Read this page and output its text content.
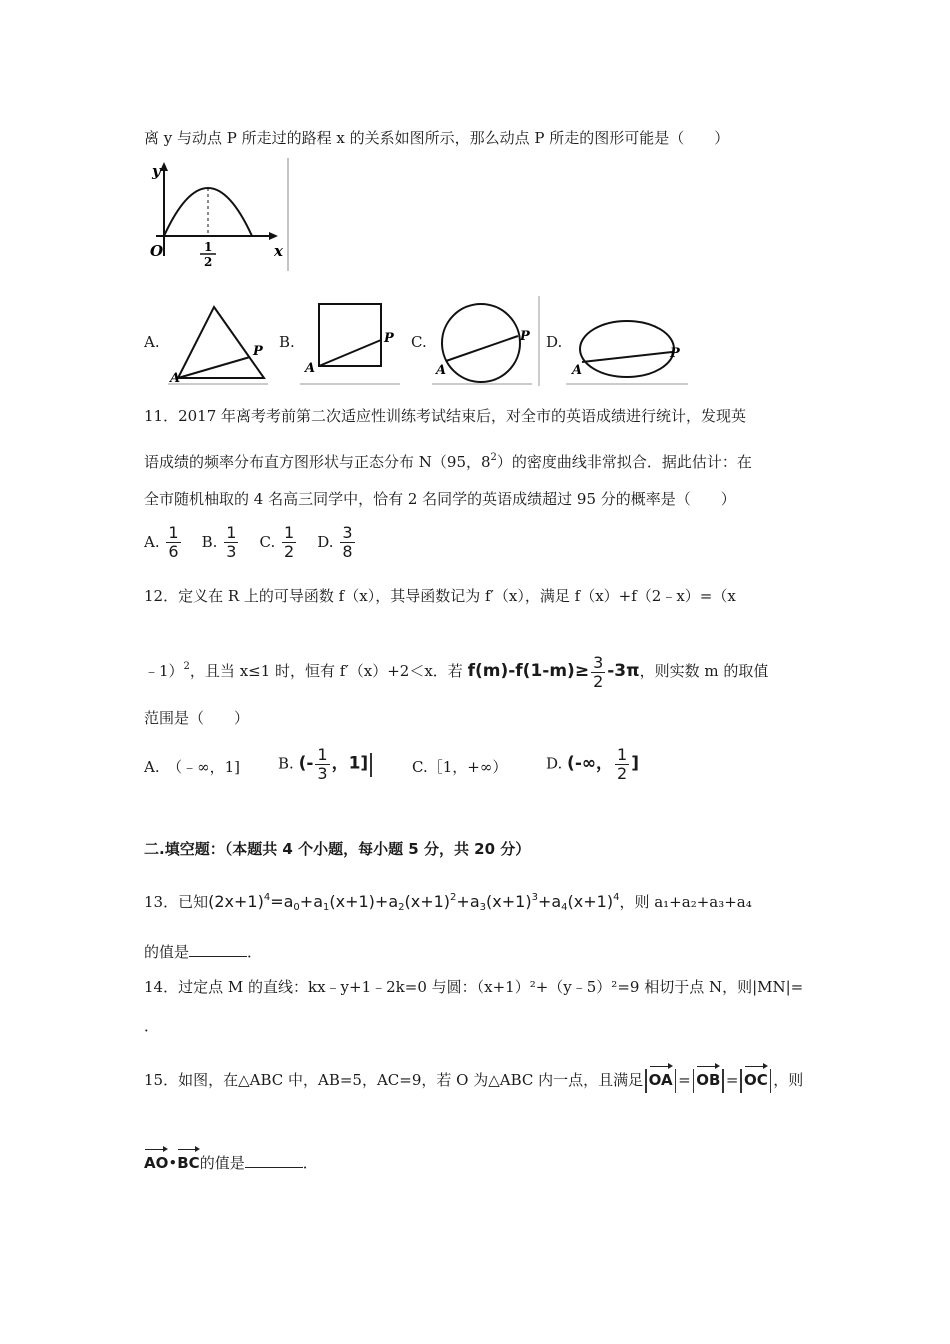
离 y 与动点 P 所走过的路程 x 的关系如图所示，那么动点 P 所走的图形可能是（　　）
y
x
O	1
2
A.
A
P
B.
A
P C.
A
P D.
A
P
11．2017 年离考考前第二次适应性训练考试结束后，对全市的英语成绩进行统计，发现英
语成绩的频率分布直方图形状与正态分布 N（95，$8^2$）的密度曲线非常拟合．据此估计：在
全市随机柚取的 4 名高三同学中，恰有 2 名同学的英语成绩超过 95 分的概率是（　　）
A. $\frac{1}{6} B$. $\frac{1}{3} C$. $\frac{1}{2} D$. $\frac{3}{8}$
12．定义在 R 上的可导函数 f（x），其导函数记为 f′（x），满足 f（x）+f（2﹣x）=（x
﹣1）$^2$，且当 x≤1 时，恒有 f′（x）+2＜x．若 $f(m)-f(1-m)\ge \frac{3}{2} -3\pi$，则实数 m 的取值
范围是（　　）
A.　（﹣∞，1]	B. (- $\frac{1}{3}$ ，1]	C.［1，+∞）	D. (-∞， $\frac{1}{2}$ ]
二.填空题：（本题共 4 个小题，每小题 5 分，共 20 分）
13．已知$(2x+1)^4=a_0+a_1(x+1)+a_2(x+1)^2+a_3(x+1)^3+a_4(x+1)^4$，则 a₁+a₂+a₃+a₄
的值是	．
14．过定点 M 的直线：kx﹣y+1﹣2k=0 与圆：（x+1）²+（y﹣5）²=9 相切于点 N，则|MN|=
．
15．如图，在△ABC 中，AB=5，AC=9，若 O 为△ABC 内一点，且满足 OA = OB = OC ，则
AO•BC的值是	．
